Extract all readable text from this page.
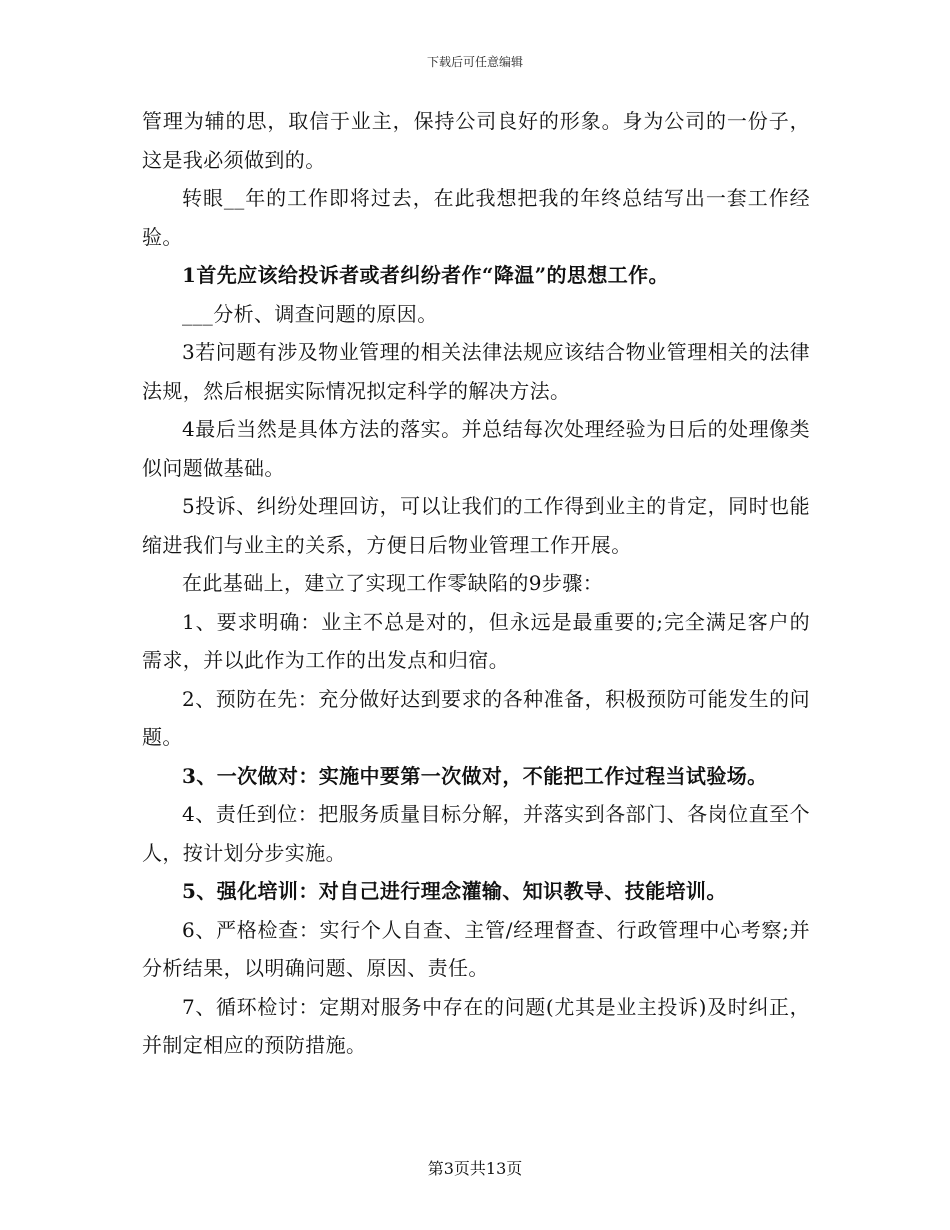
下载后可任意编辑

管理为辅的思，取信于业主，保持公司良好的形象。身为公司的一份子，这是我必须做到的。

转眼__年的工作即将过去，在此我想把我的年终总结写出一套工作经验。

1首先应该给投诉者或者纠纷者作“降温”的思想工作。

___分析、调查问题的原因。

3若问题有涉及物业管理的相关法律法规应该结合物业管理相关的法律法规，然后根据实际情况拟定科学的解决方法。

4最后当然是具体方法的落实。并总结每次处理经验为日后的处理像类似问题做基础。

5投诉、纠纷处理回访，可以让我们的工作得到业主的肯定，同时也能缩进我们与业主的关系，方便日后物业管理工作开展。

在此基础上，建立了实现工作零缺陷的9步骤：

1、要求明确：业主不总是对的，但永远是最重要的;完全满足客户的需求，并以此作为工作的出发点和归宿。

2、预防在先：充分做好达到要求的各种准备，积极预防可能发生的问题。

3、一次做对：实施中要第一次做对，不能把工作过程当试验场。

4、责任到位：把服务质量目标分解，并落实到各部门、各岗位直至个人，按计划分步实施。

5、强化培训：对自己进行理念灌输、知识教导、技能培训。

6、严格检查：实行个人自查、主管/经理督查、行政管理中心考察;并分析结果，以明确问题、原因、责任。

7、循环检讨：定期对服务中存在的问题(尤其是业主投诉)及时纠正，并制定相应的预防措施。

第3页共13页
